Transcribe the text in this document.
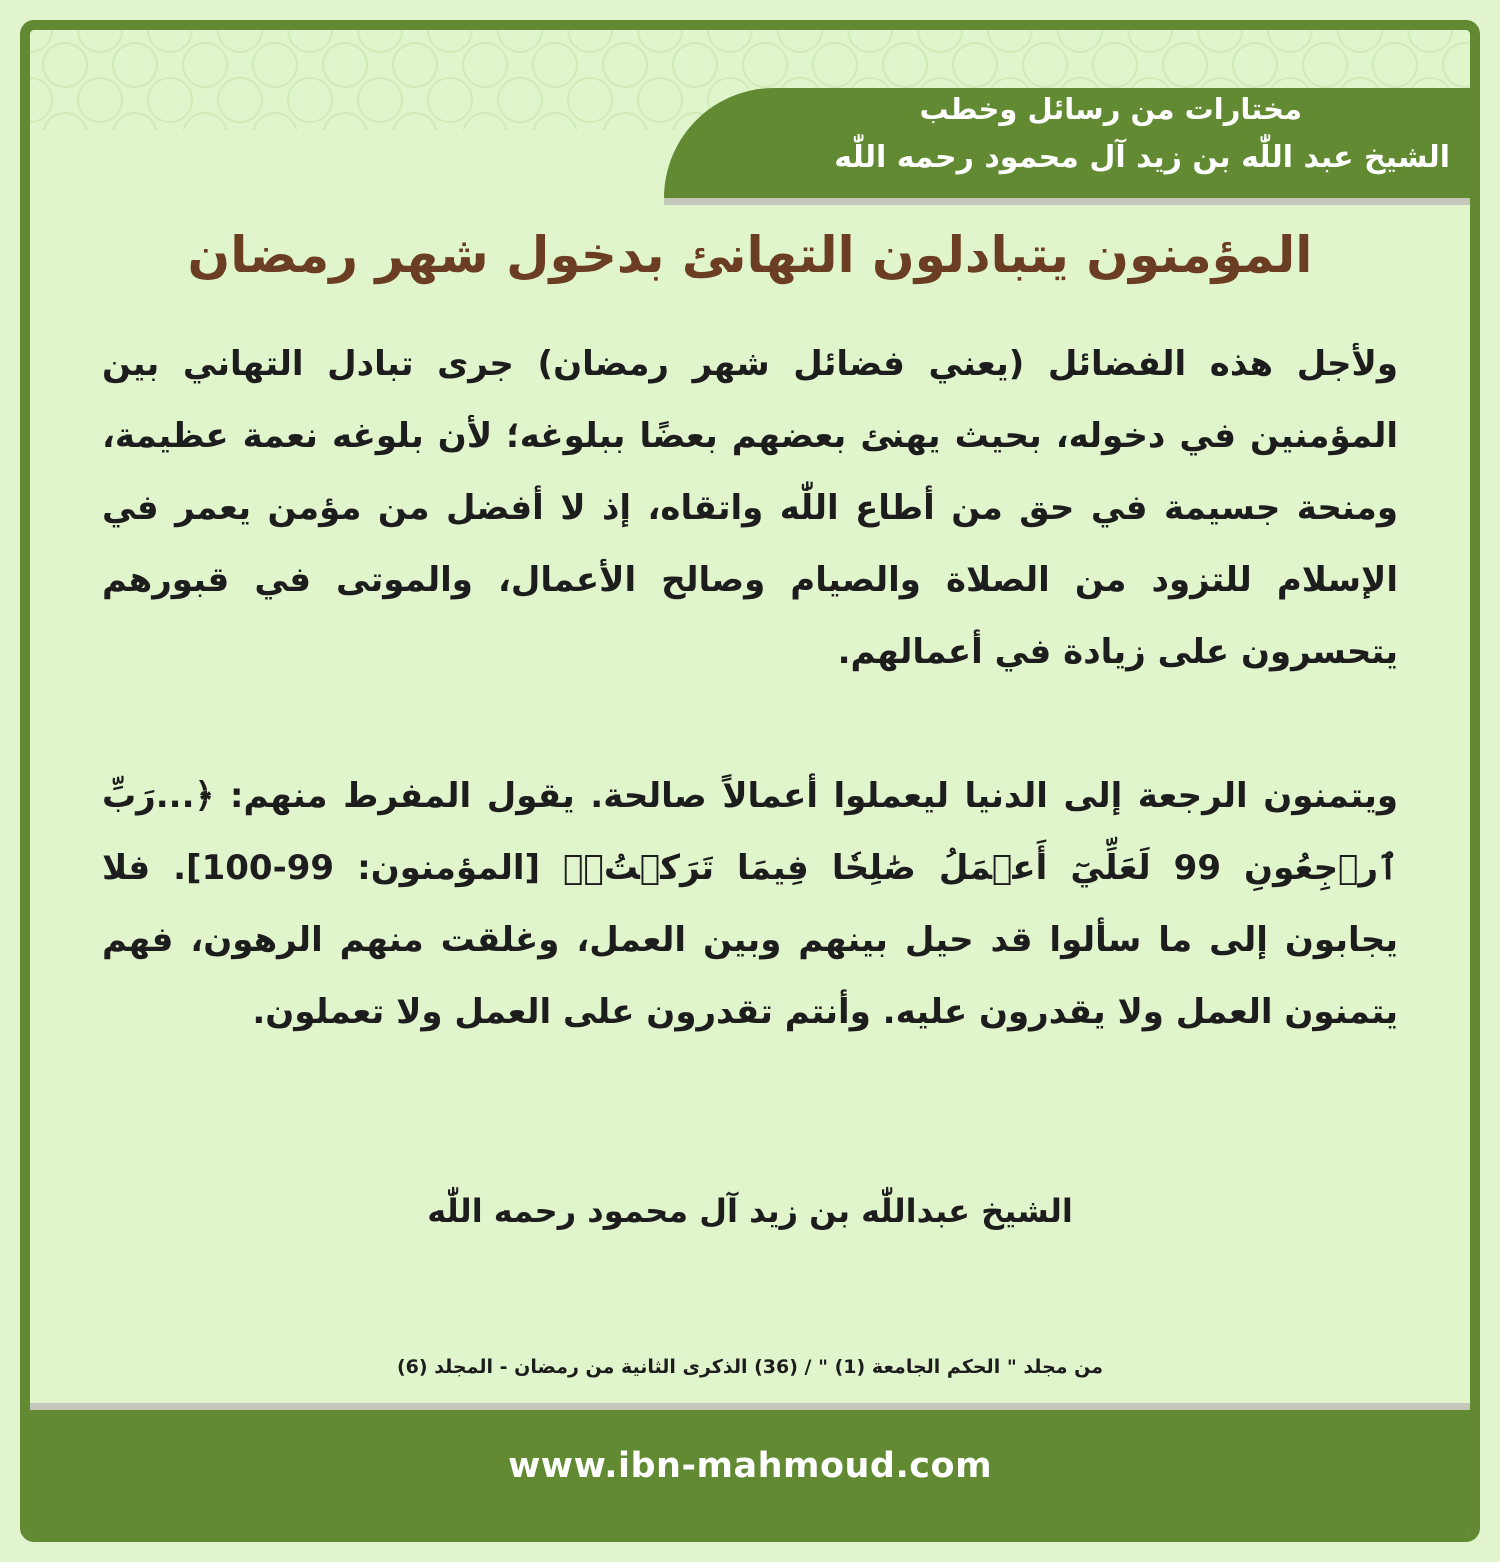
مختارات من رسائل وخطب
الشيخ عبد اللّٰه بن زيد آل محمود رحمه اللّٰه
المؤمنون يتبادلون التهانئ بدخول شهر رمضان
ولأجل هذه الفضائل (يعني فضائل شهر رمضان) جرى تبادل التهاني بين المؤمنين في دخوله، بحيث يهنئ بعضهم بعضًا ببلوغه؛ لأن بلوغه نعمة عظيمة، ومنحة جسيمة في حق من أطاع اللّٰه واتقاه، إذ لا أفضل من مؤمن يعمر في الإسلام للتزود من الصلاة والصيام وصالح الأعمال، والموتى في قبورهم يتحسرون على زيادة في أعمالهم.
ويتمنون الرجعة إلى الدنيا ليعملوا أعمالاً صالحة. يقول المفرط منهم: ﴿...رَبِّ ٱرۡجِعُونِ 99 لَعَلِّيٓ أَعۡمَلُ صَٰلِحٗا فِيمَا تَرَكۡتُۚ﴾ [المؤمنون: 99-100]. فلا يجابون إلى ما سألوا قد حيل بينهم وبين العمل، وغلقت منهم الرهون، فهم يتمنون العمل ولا يقدرون عليه. وأنتم تقدرون على العمل ولا تعملون.
الشيخ عبداللّٰه بن زيد آل محمود رحمه اللّٰه
من مجلد " الحكم الجامعة (1) " / (36) الذكرى الثانية من رمضان - المجلد (6)
www.ibn-mahmoud.com
